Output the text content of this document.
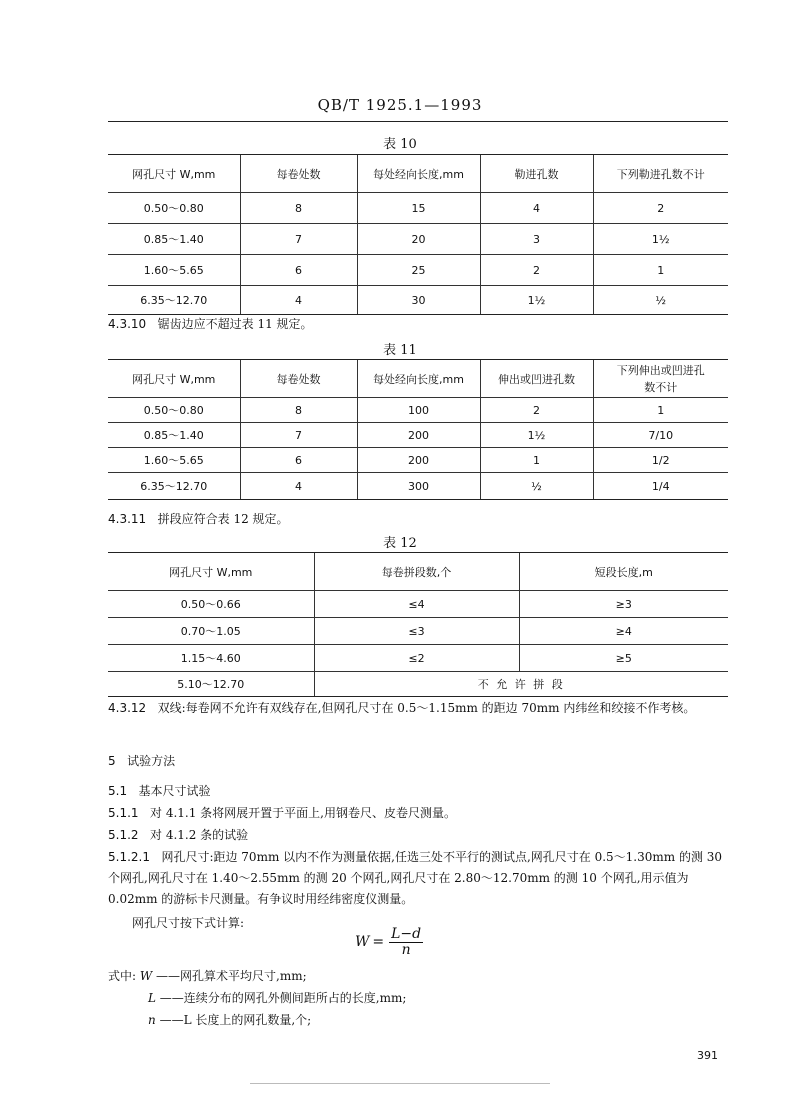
QB/T 1925.1—1993
表 10
网孔尺寸 W,mm	每卷处数	每处经向长度,mm	勒进孔数	下列勒进孔数不计
0.50～0.80	8	15	4	2
0.85～1.40	7	20	3	1½
1.60～5.65	6	25	2	1
6.35～12.70	4	30	1½	½
4.3.10 锯齿边应不超过表 11 规定。
表 11
网孔尺寸 W,mm	每卷处数	每处经向长度,mm	伸出或凹进孔数	下列伸出或凹进孔数不计
0.50～0.80	8	100	2	1
0.85～1.40	7	200	1½	7/10
1.60～5.65	6	200	1	1/2
6.35～12.70	4	300	½	1/4
4.3.11 拼段应符合表 12 规定。
表 12
网孔尺寸 W,mm	每卷拼段数,个	短段长度,m
0.50～0.66	≤4	≥3
0.70～1.05	≤3	≥4
1.15～4.60	≤2	≥5
5.10～12.70	不 允 许 拼 段	
4.3.12 双线:每卷网不允许有双线存在,但网孔尺寸在 0.5～1.15mm 的距边 70mm 内纬丝和绞接不作考核。
5 试验方法
5.1 基本尺寸试验
5.1.1 对 4.1.1 条将网展开置于平面上,用钢卷尺、皮卷尺测量。
5.1.2 对 4.1.2 条的试验
5.1.2.1 网孔尺寸:距边 70mm 以内不作为测量依据,任选三处不平行的测试点,网孔尺寸在 0.5～1.30mm 的测 30 个网孔,网孔尺寸在 1.40～2.55mm 的测 20 个网孔,网孔尺寸在 2.80～12.70mm 的测 10 个网孔,用示值为 0.02mm 的游标卡尺测量。有争议时用经纬密度仪测量。
网孔尺寸按下式计算:
$W = \frac{L-d}{n}$
式中: W ——网孔算术平均尺寸,mm;
L ——连续分布的网孔外侧间距所占的长度,mm;
n ——L 长度上的网孔数量,个;
391
